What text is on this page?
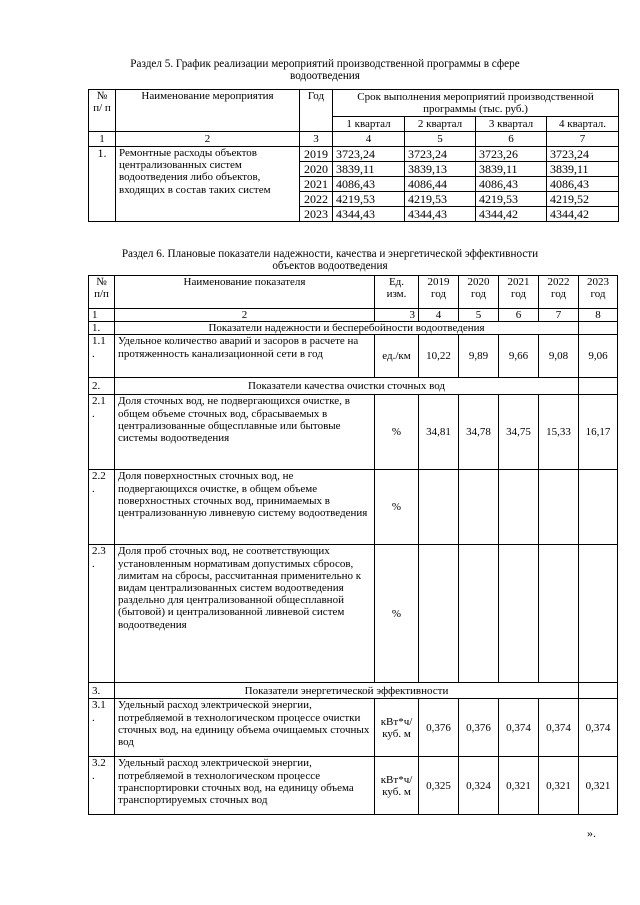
Раздел 5. График реализации мероприятий производственной программы в сфере
водоотведения
№ п/ п	Наименование мероприятия	Год	Срок выполнения мероприятий производственной программы (тыс. руб.)			
			1 квартал	2 квартал	3 квартал	4 квартал.
1	2	3	4	5	6	7
1.	Ремонтные расходы объектов централизованных систем водоотведения либо объектов, входящих в состав таких систем	2019	3723,24	3723,24	3723,26	3723,24
		2020	3839,11	3839,13	3839,11	3839,11
		2021	4086,43	4086,44	4086,43	4086,43
		2022	4219,53	4219,53	4219,53	4219,52
		2023	4344,43	4344,43	4344,42	4344,42
Раздел 6. Плановые показатели надежности, качества и энергетической эффективности
объектов водоотведения
№ п/п	Наименование показателя	Ед. изм.	2019 год	2020 год	2021 год	2022 год	2023 год
1	2	3	4	5	6	7	8
1.	Показатели надежности и бесперебойности водоотведения						
1.1 .	Удельное количество аварий и засоров в расчете на протяженность канализационной сети в год	ед./км	10,22	9,89	9,66	9,08	9,06
2.	Показатели качества очистки сточных вод						
2.1 .	Доля сточных вод, не подвергающихся очистке, в общем объеме сточных вод, сбрасываемых в централизованные общесплавные или бытовые системы водоотведения	%	34,81	34,78	34,75	15,33	16,17
2.2 .	Доля поверхностных сточных вод, не подвергающихся очистке, в общем объеме поверхностных сточных вод, принимаемых в централизованную ливневую систему водоотведения	%					
2.3 .	Доля проб сточных вод, не соответствующих установленным нормативам допустимых сбросов, лимитам на сбросы, рассчитанная применительно к видам централизованных систем водоотведения раздельно для централизованной общесплавной (бытовой) и централизованной ливневой систем водоотведения	%					
3.	Показатели энергетической эффективности						
3.1 .	Удельный расход электрической энергии, потребляемой в технологическом процессе очистки сточных вод, на единицу объема очищаемых сточных вод	кВт*ч/ куб. м	0,376	0,376	0,374	0,374	0,374
3.2 .	Удельный расход электрической энергии, потребляемой в технологическом процессе транспортировки сточных вод, на единицу объема транспортируемых сточных вод	кВт*ч/ куб. м	0,325	0,324	0,321	0,321	0,321
».
